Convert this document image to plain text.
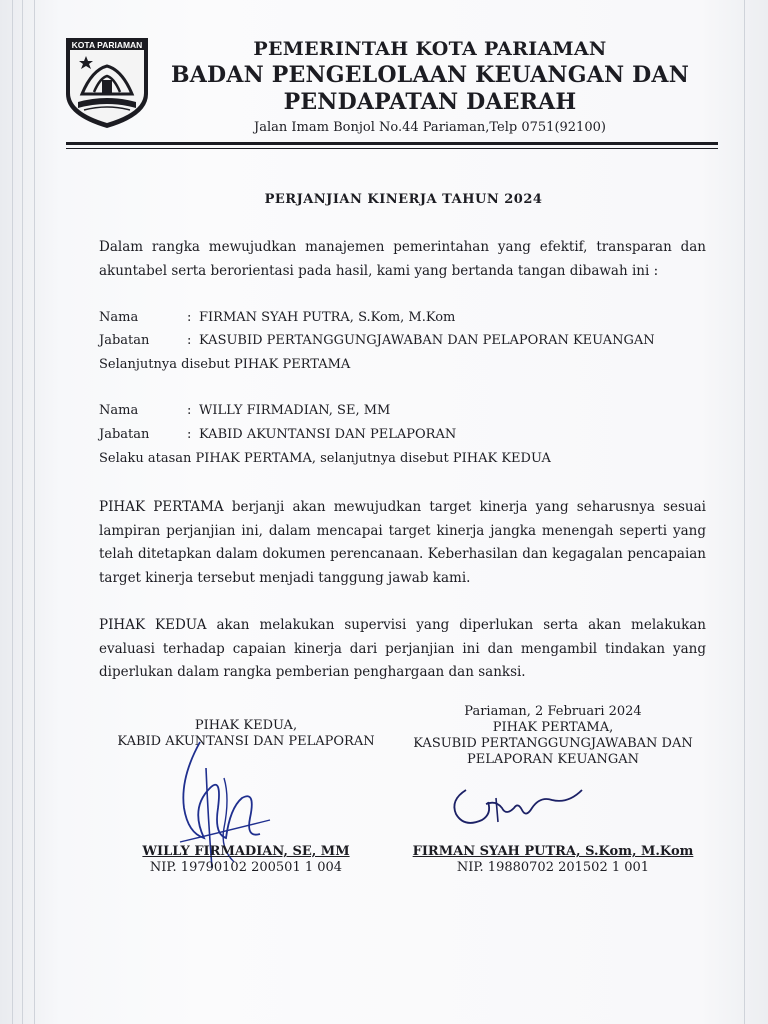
KOTA PARIAMAN	PEMERINTAH KOTA PARIAMAN
BADAN PENGELOLAAN KEUANGAN DAN PENDAPATAN DAERAH
Jalan Imam Bonjol No.44 Pariaman,Telp 0751(92100)
PERJANJIAN KINERJA TAHUN 2024
Dalam rangka mewujudkan manajemen pemerintahan yang efektif, transparan dan akuntabel serta berorientasi pada hasil, kami yang bertanda tangan dibawah ini :
Nama	: FIRMAN SYAH PUTRA, S.Kom, M.Kom
Jabatan	: KASUBID PERTANGGUNGJAWABAN DAN PELAPORAN KEUANGAN
Selanjutnya disebut PIHAK PERTAMA
Nama	: WILLY FIRMADIAN, SE, MM
Jabatan	: KABID AKUNTANSI DAN PELAPORAN
Selaku atasan PIHAK PERTAMA, selanjutnya disebut PIHAK KEDUA
PIHAK PERTAMA berjanji akan mewujudkan target kinerja yang seharusnya sesuai lampiran perjanjian ini, dalam mencapai target kinerja jangka menengah seperti yang telah ditetapkan dalam dokumen perencanaan. Keberhasilan dan kegagalan pencapaian target kinerja tersebut menjadi tanggung jawab kami.
PIHAK KEDUA akan melakukan supervisi yang diperlukan serta akan melakukan evaluasi terhadap capaian kinerja dari perjanjian ini dan mengambil tindakan yang diperlukan dalam rangka pemberian penghargaan dan sanksi.
PIHAK KEDUA,
KABID AKUNTANSI DAN PELAPORAN
Pariaman, 2 Februari 2024
PIHAK PERTAMA,
KASUBID PERTANGGUNGJAWABAN DAN
PELAPORAN KEUANGAN
WILLY FIRMADIAN, SE, MM
NIP. 19790102 200501 1 004
FIRMAN SYAH PUTRA, S.Kom, M.Kom
NIP. 19880702 201502 1 001
